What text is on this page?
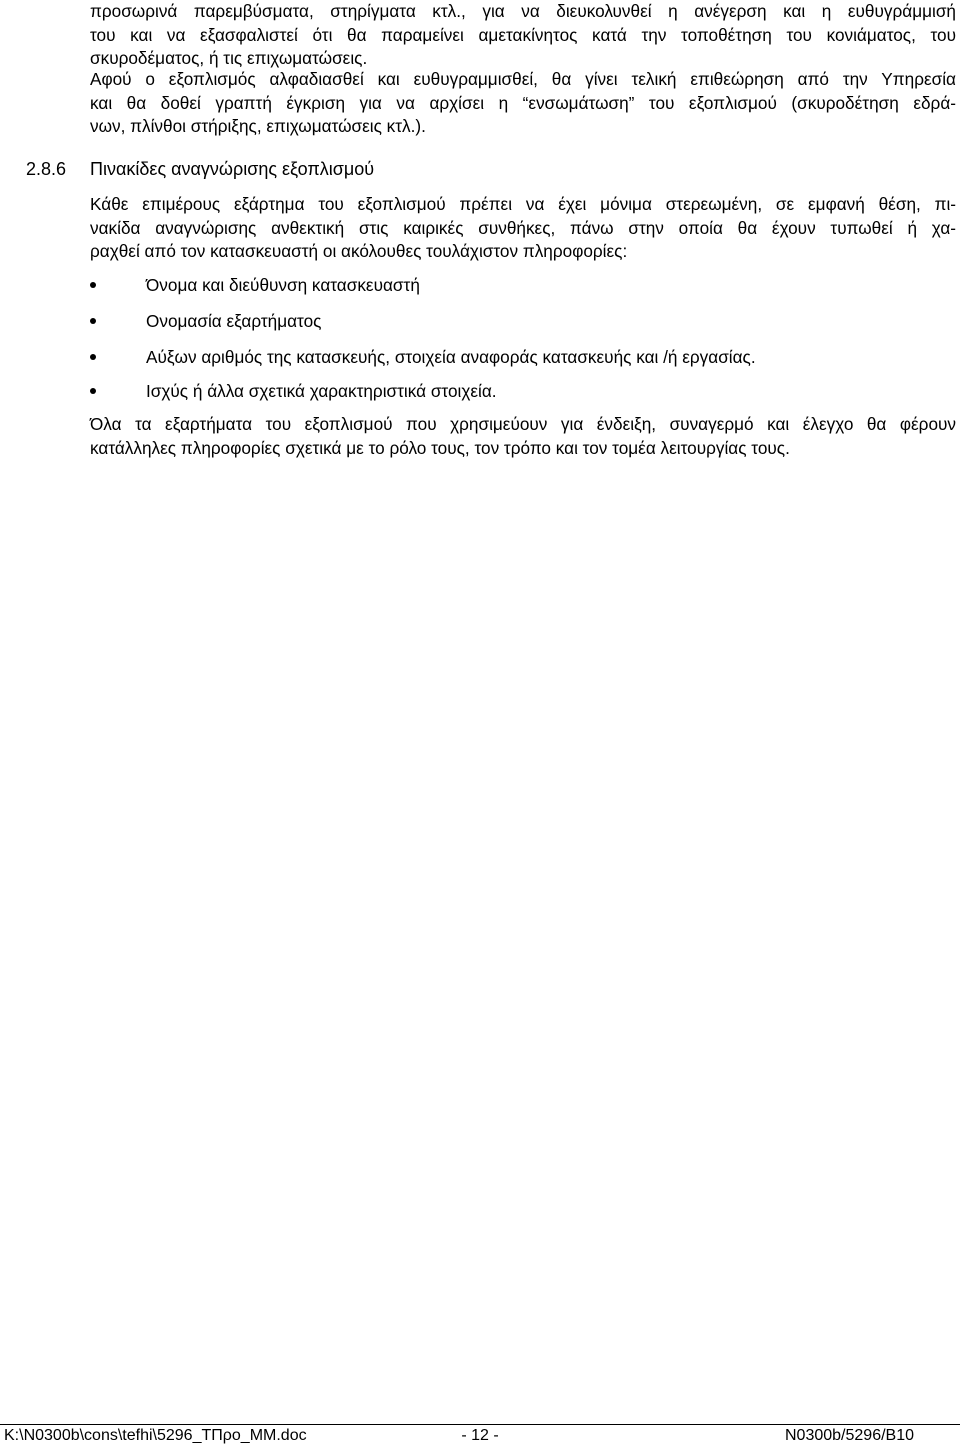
προσωρινά παρεμβύσματα, στηρίγματα κτλ., για να διευκολυνθεί η ανέγερση και η ευθυγράμμισή
του και να εξασφαλιστεί ότι θα παραμείνει αμετακίνητος κατά την τοποθέτηση του κονιάματος, του
σκυροδέματος, ή τις επιχωματώσεις.

Αφού ο εξοπλισμός αλφαδιασθεί και ευθυγραμμισθεί, θα γίνει τελική επιθεώρηση από την Υπηρεσία
και θα δοθεί γραπτή έγκριση για να αρχίσει η “ενσωμάτωση” του εξοπλισμού (σκυροδέτηση εδρά-
νων, πλίνθοι στήριξης, επιχωματώσεις κτλ.).

2.8.6 Πινακίδες αναγνώρισης εξοπλισμού

Κάθε επιμέρους εξάρτημα του εξοπλισμού πρέπει να έχει μόνιμα στερεωμένη, σε εμφανή θέση, πι-
νακίδα αναγνώρισης ανθεκτική στις καιρικές συνθήκες, πάνω στην οποία θα έχουν τυπωθεί ή χα-
ραχθεί από τον κατασκευαστή οι ακόλουθες τουλάχιστον πληροφορίες:

Όνομα και διεύθυνση κατασκευαστή
Ονομασία εξαρτήματος
Αύξων αριθμός της κατασκευής, στοιχεία αναφοράς κατασκευής και /ή εργασίας.
Ισχύς ή άλλα σχετικά χαρακτηριστικά στοιχεία.

Όλα τα εξαρτήματα του εξοπλισμού που χρησιμεύουν για ένδειξη, συναγερμό και έλεγχο θα φέρουν
κατάλληλες πληροφορίες σχετικά με το ρόλο τους, τον τρόπο και τον τομέα λειτουργίας τους.

K:\N0300b\cons\tefhi\5296_ΤΠρο_ΜΜ.doc	- 12 -	N0300b/5296/B10
